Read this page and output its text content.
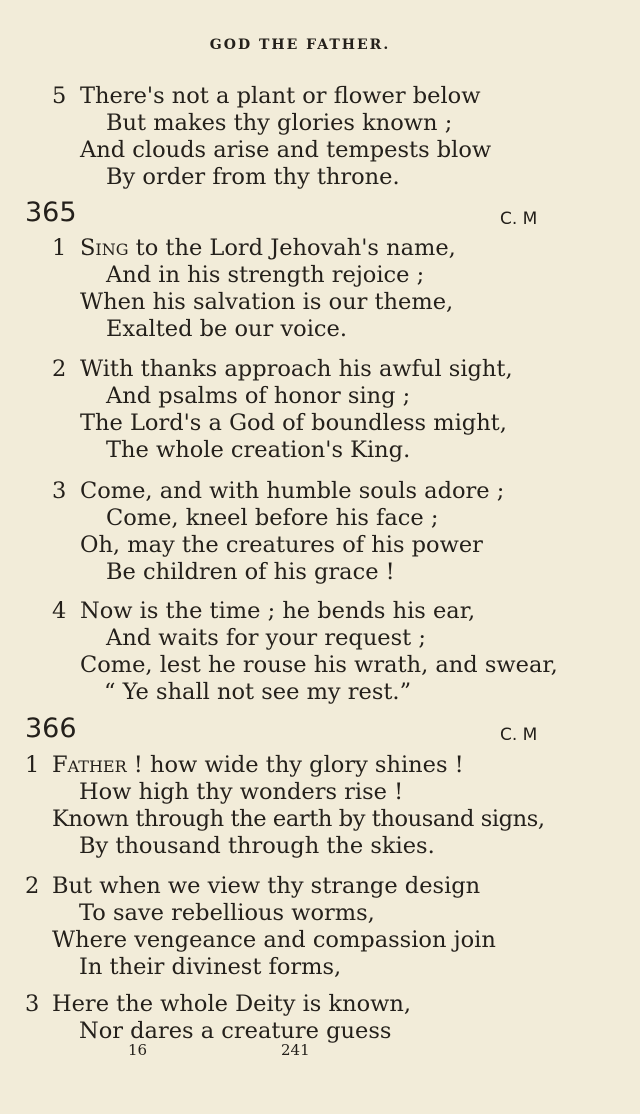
GOD THE FATHER.
5 There's not a plant or flower below
But makes thy glories known ;
And clouds arise and tempests blow
By order from thy throne.
365	C. M
1 Sing to the Lord Jehovah's name,
And in his strength rejoice ;
When his salvation is our theme,
Exalted be our voice.
2 With thanks approach his awful sight,
And psalms of honor sing ;
The Lord's a God of boundless might,
The whole creation's King.
3 Come, and with humble souls adore ;
Come, kneel before his face ;
Oh, may the creatures of his power
Be children of his grace !
4 Now is the time ; he bends his ear,
And waits for your request ;
Come, lest he rouse his wrath, and swear,
“ Ye shall not see my rest.”
366	C. M
1 Father ! how wide thy glory shines !
How high thy wonders rise !
Known through the earth by thousand signs,
By thousand through the skies.
2 But when we view thy strange design
To save rebellious worms,
Where vengeance and compassion join
In their divinest forms,
3 Here the whole Deity is known,
Nor dares a creature guess
16	241
